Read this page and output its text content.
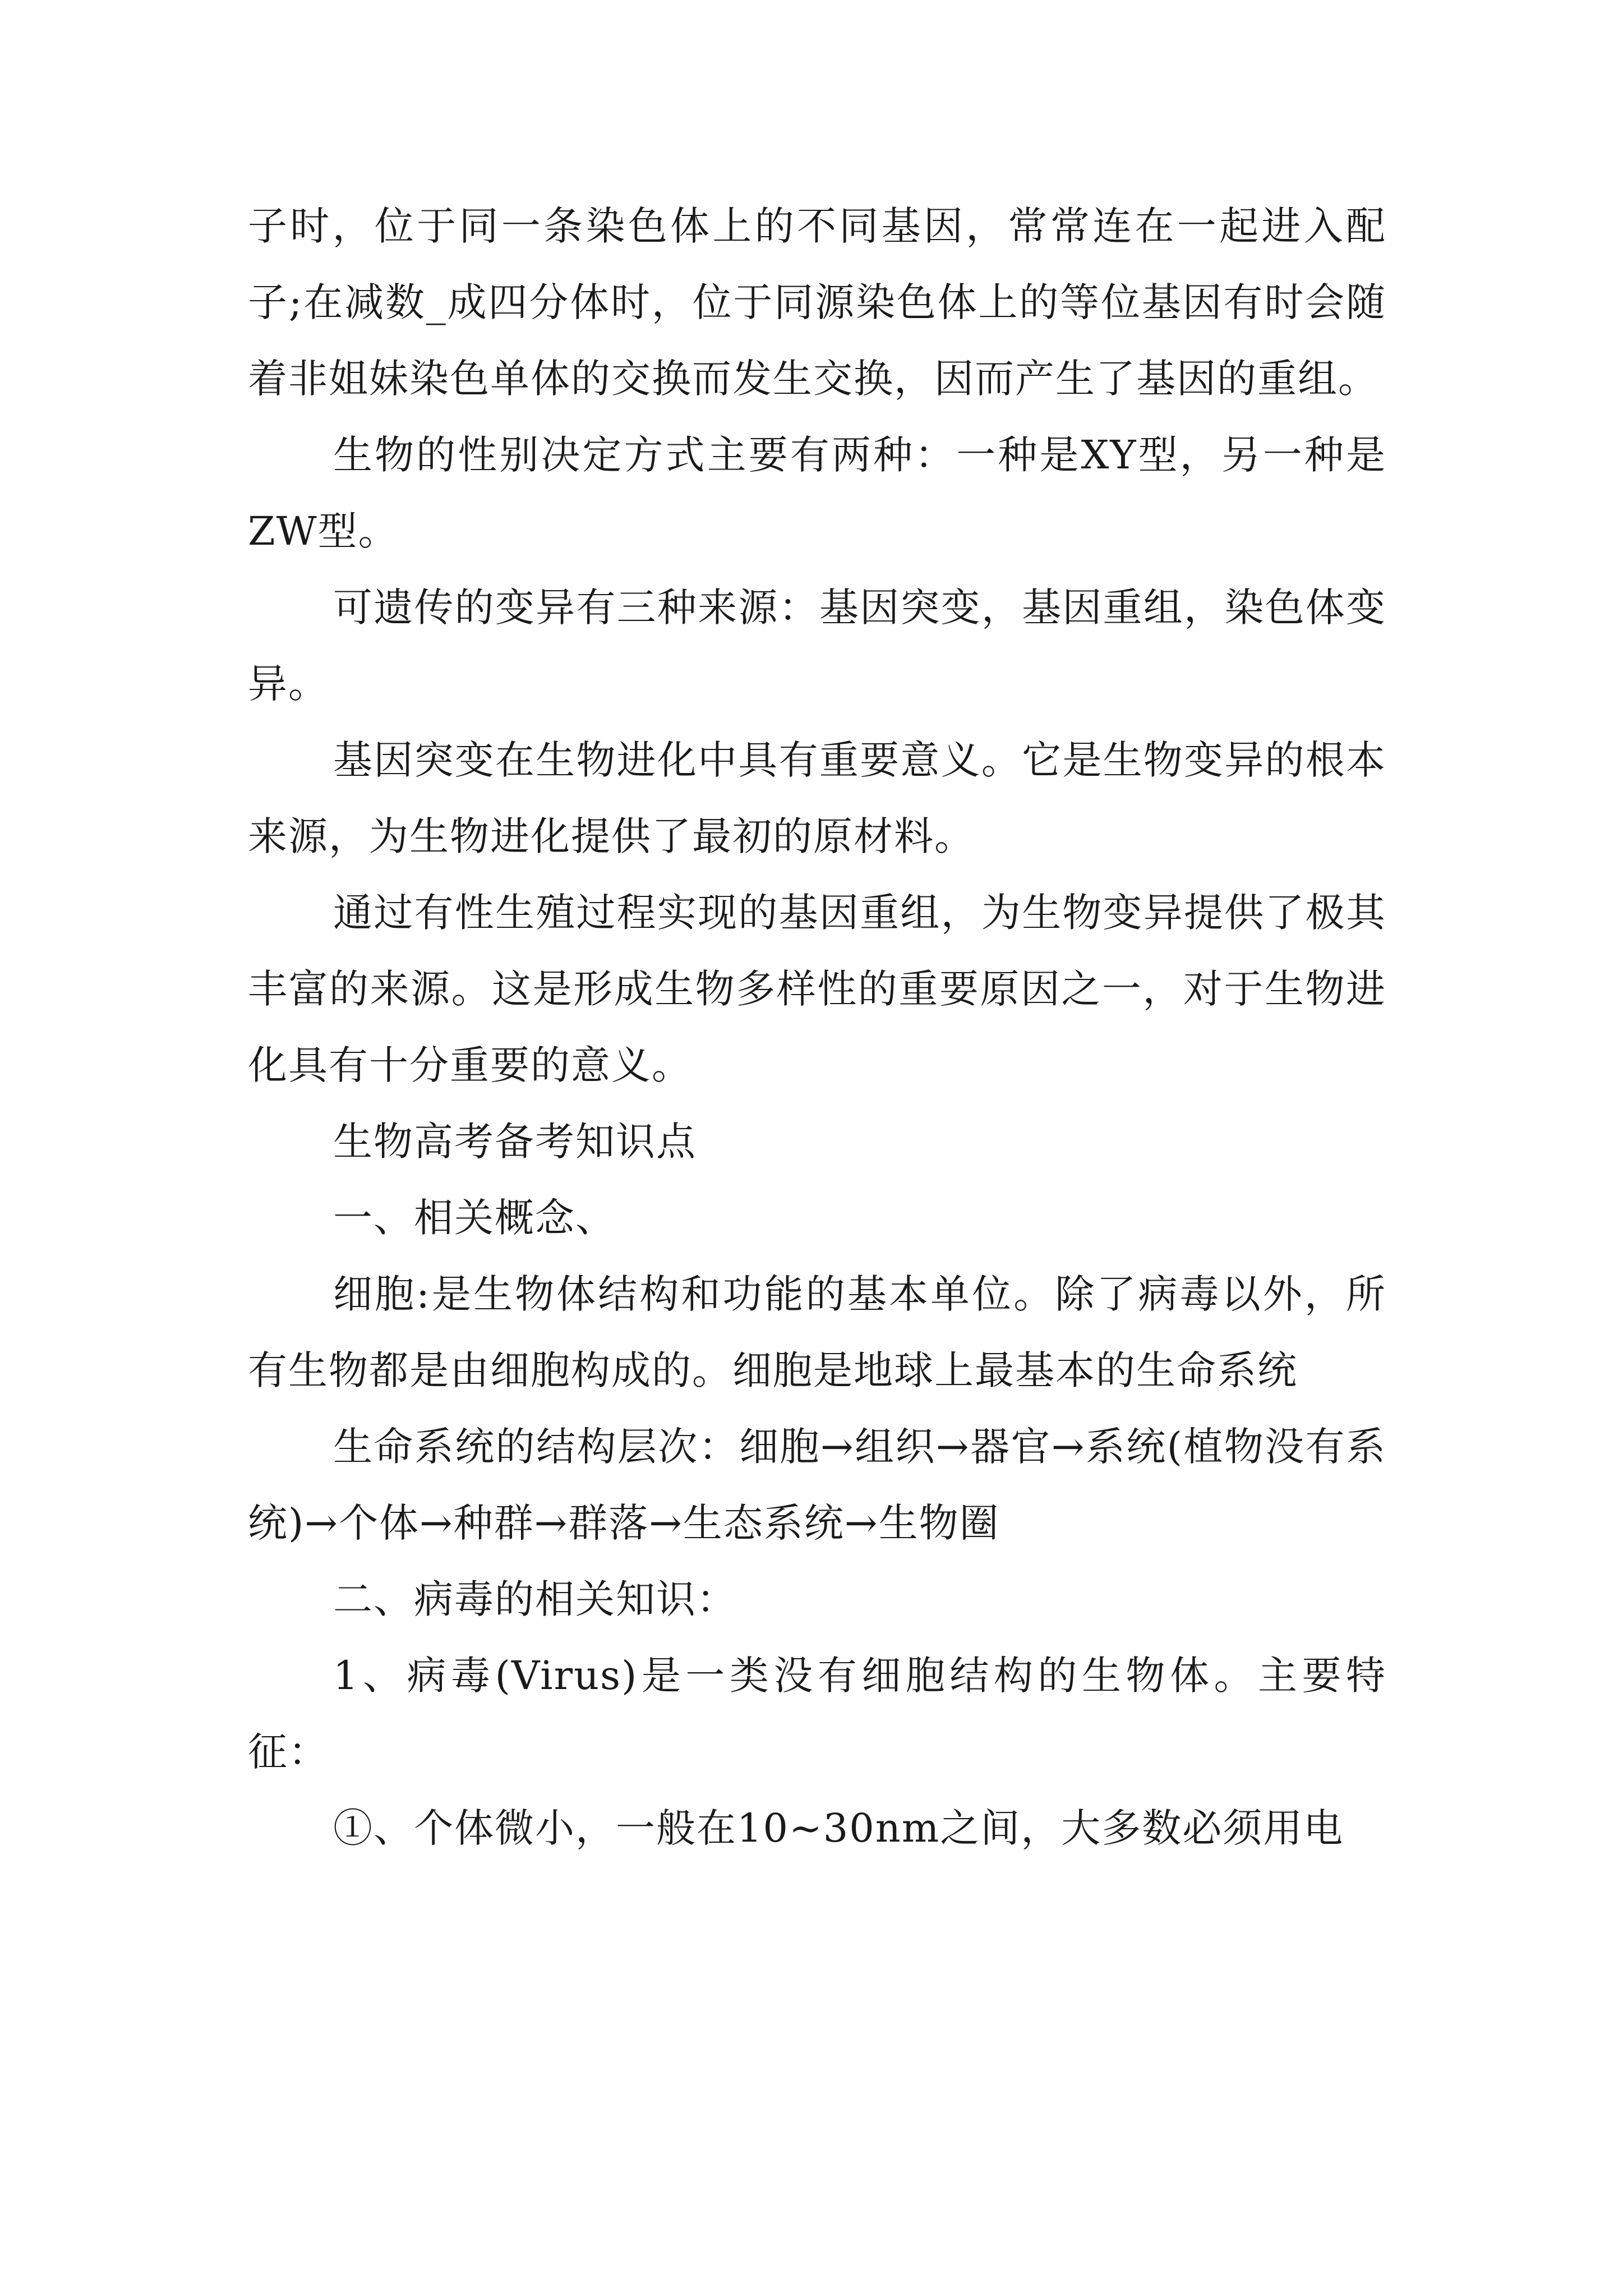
子时，位于同一条染色体上的不同基因，常常连在一起进入配子;在减数_成四分体时，位于同源染色体上的等位基因有时会随着非姐妹染色单体的交换而发生交换，因而产生了基因的重组。

生物的性别决定方式主要有两种：一种是XY型，另一种是ZW型。

可遗传的变异有三种来源：基因突变，基因重组，染色体变异。

基因突变在生物进化中具有重要意义。它是生物变异的根本来源，为生物进化提供了最初的原材料。

通过有性生殖过程实现的基因重组，为生物变异提供了极其丰富的来源。这是形成生物多样性的重要原因之一，对于生物进化具有十分重要的意义。

生物高考备考知识点

一、相关概念、

细胞:是生物体结构和功能的基本单位。除了病毒以外，所有生物都是由细胞构成的。细胞是地球上最基本的生命系统

生命系统的结构层次：细胞→组织→器官→系统(植物没有系统)→个体→种群→群落→生态系统→生物圈

二、病毒的相关知识：

1、病毒(Virus)是一类没有细胞结构的生物体。主要特征：

①、个体微小，一般在10~30nm之间，大多数必须用电
